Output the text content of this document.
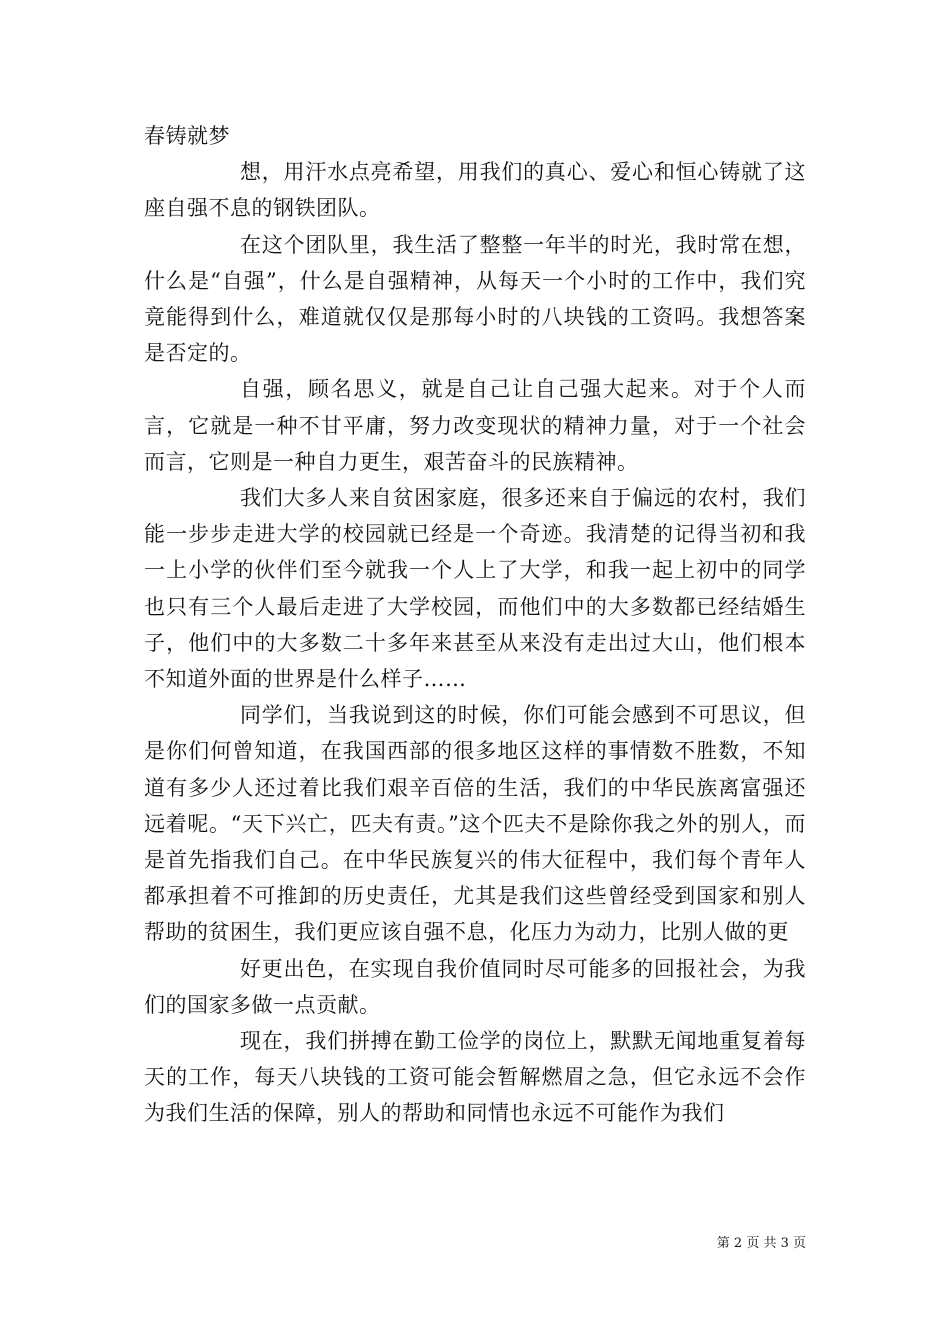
春铸就梦

想，用汗水点亮希望，用我们的真心、爱心和恒心铸就了这座自强不息的钢铁团队。

在这个团队里，我生活了整整一年半的时光，我时常在想，什么是“自强”，什么是自强精神，从每天一个小时的工作中，我们究竟能得到什么，难道就仅仅是那每小时的八块钱的工资吗。我想答案是否定的。

自强，顾名思义，就是自己让自己强大起来。对于个人而言，它就是一种不甘平庸，努力改变现状的精神力量，对于一个社会而言，它则是一种自力更生，艰苦奋斗的民族精神。

我们大多人来自贫困家庭，很多还来自于偏远的农村，我们能一步步走进大学的校园就已经是一个奇迹。我清楚的记得当初和我一上小学的伙伴们至今就我一个人上了大学，和我一起上初中的同学也只有三个人最后走进了大学校园，而他们中的大多数都已经结婚生子，他们中的大多数二十多年来甚至从来没有走出过大山，他们根本不知道外面的世界是什么样子……

同学们，当我说到这的时候，你们可能会感到不可思议，但是你们何曾知道，在我国西部的很多地区这样的事情数不胜数，不知道有多少人还过着比我们艰辛百倍的生活，我们的中华民族离富强还远着呢。“天下兴亡，匹夫有责。”这个匹夫不是除你我之外的别人，而是首先指我们自己。在中华民族复兴的伟大征程中，我们每个青年人都承担着不可推卸的历史责任，尤其是我们这些曾经受到国家和别人帮助的贫困生，我们更应该自强不息，化压力为动力，比别人做的更

好更出色，在实现自我价值同时尽可能多的回报社会，为我们的国家多做一点贡献。

现在，我们拼搏在勤工俭学的岗位上，默默无闻地重复着每天的工作，每天八块钱的工资可能会暂解燃眉之急，但它永远不会作为我们生活的保障，别人的帮助和同情也永远不可能作为我们

第 2 页 共 3 页
